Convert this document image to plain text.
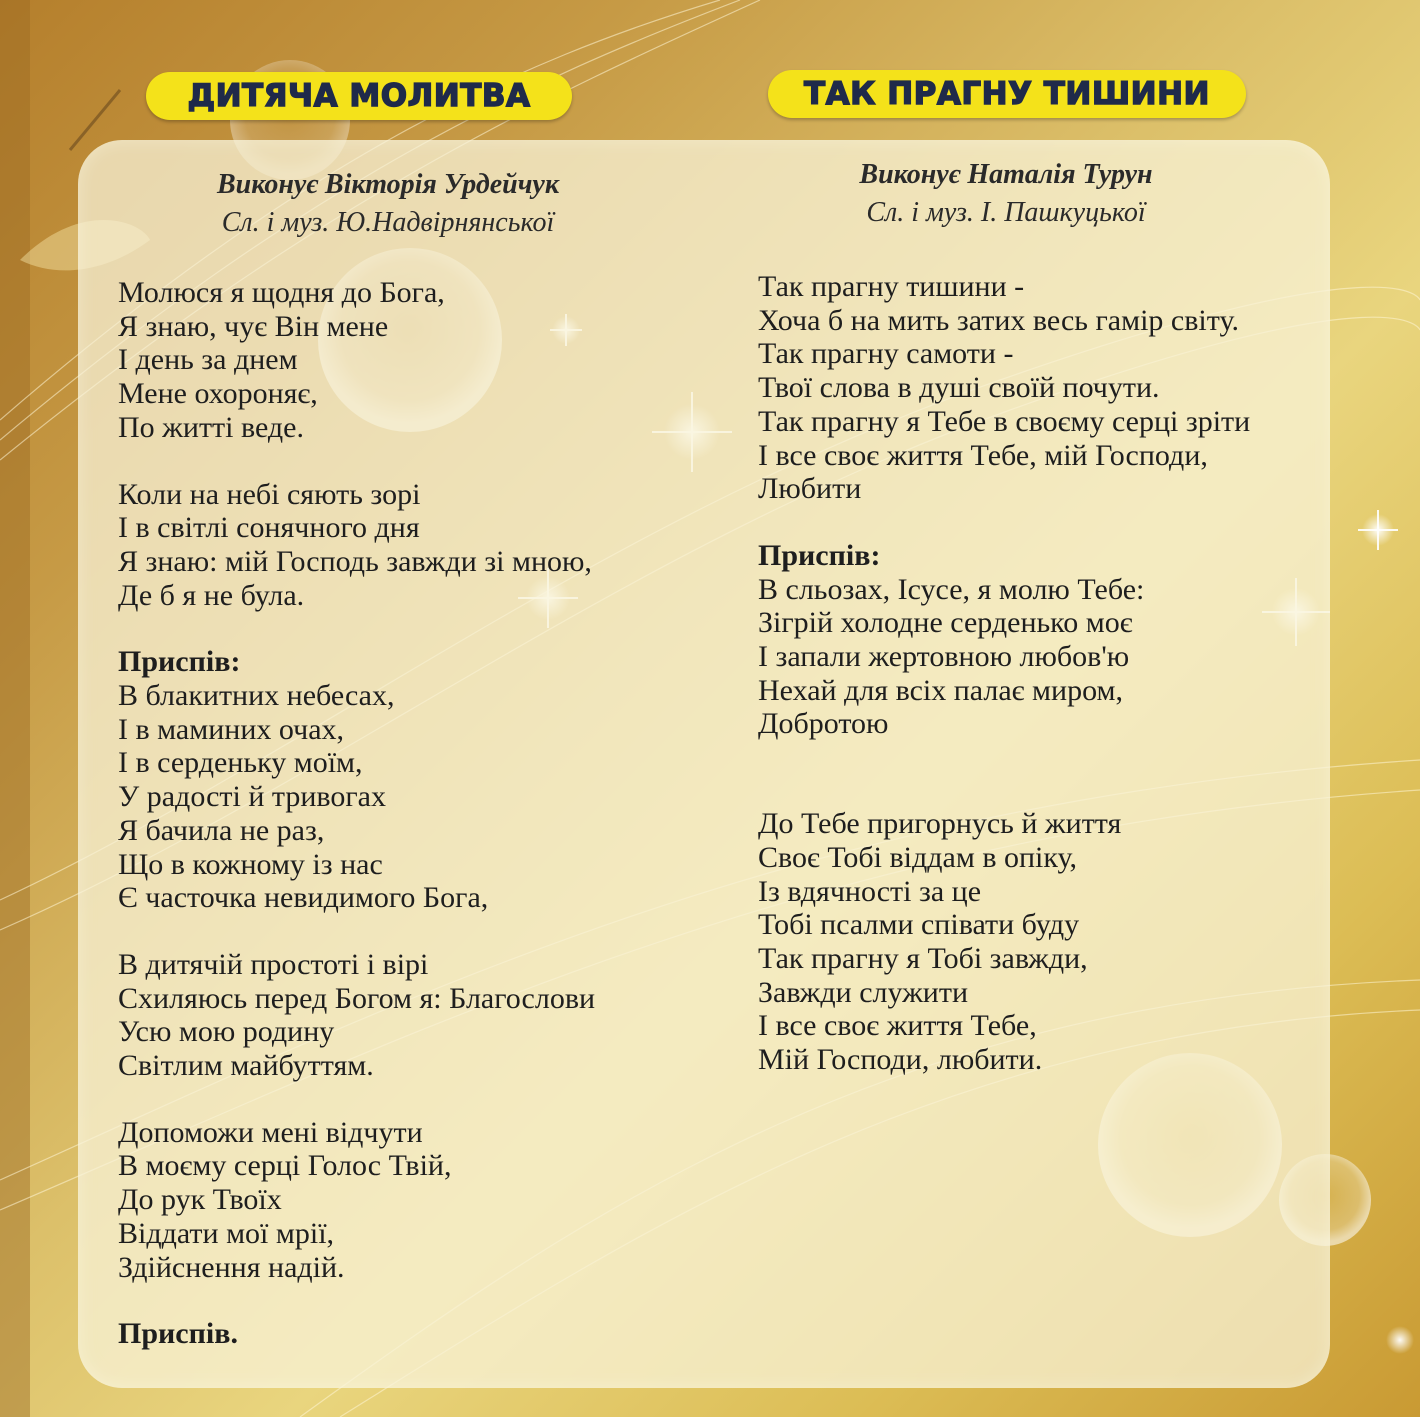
ДИТЯЧА МОЛИТВА	ТАК ПРАГНУ ТИШИНИ
Виконує Вікторія Урдейчук
Сл. і муз. Ю.Надвірнянської
Виконує Наталія Турун
Сл. і муз. І. Пашкуцької
Молюся я щодня до Бога,
Я знаю, чує Він мене
І день за днем
Мене охороняє,
По житті веде.
Коли на небі сяють зорі
І в світлі сонячного дня
Я знаю: мій Господь завжди зі мною,
Де б я не була.
Приспів:
В блакитних небесах,
І в маминих очах,
І в серденьку моїм,
У радості й тривогах
Я бачила не раз,
Що в кожному із нас
Є часточка невидимого Бога,
В дитячій простоті і вірі
Схиляюсь перед Богом я: Благослови
Усю мою родину
Світлим майбуттям.
Допоможи мені відчути
В моєму серці Голос Твій,
До рук Твоїх
Віддати мої мрії,
Здійснення надій.
Приспів.
Так прагну тишини -
Хоча б на мить затих весь гамір світу.
Так прагну самоти -
Твої слова в душі своїй почути.
Так прагну я Тебе в своєму серці зріти
І все своє життя Тебе, мій Господи,
Любити
Приспів:
В сльозах, Ісусе, я молю Тебе:
Зігрій холодне серденько моє
І запали жертовною любов'ю
Нехай для всіх палає миром,
Добротою
До Тебе пригорнусь й життя
Своє Тобі віддам в опіку,
Із вдячності за це
Тобі псалми співати буду
Так прагну я Тобі завжди,
Завжди служити
І все своє життя Тебе,
Мій Господи, любити.
